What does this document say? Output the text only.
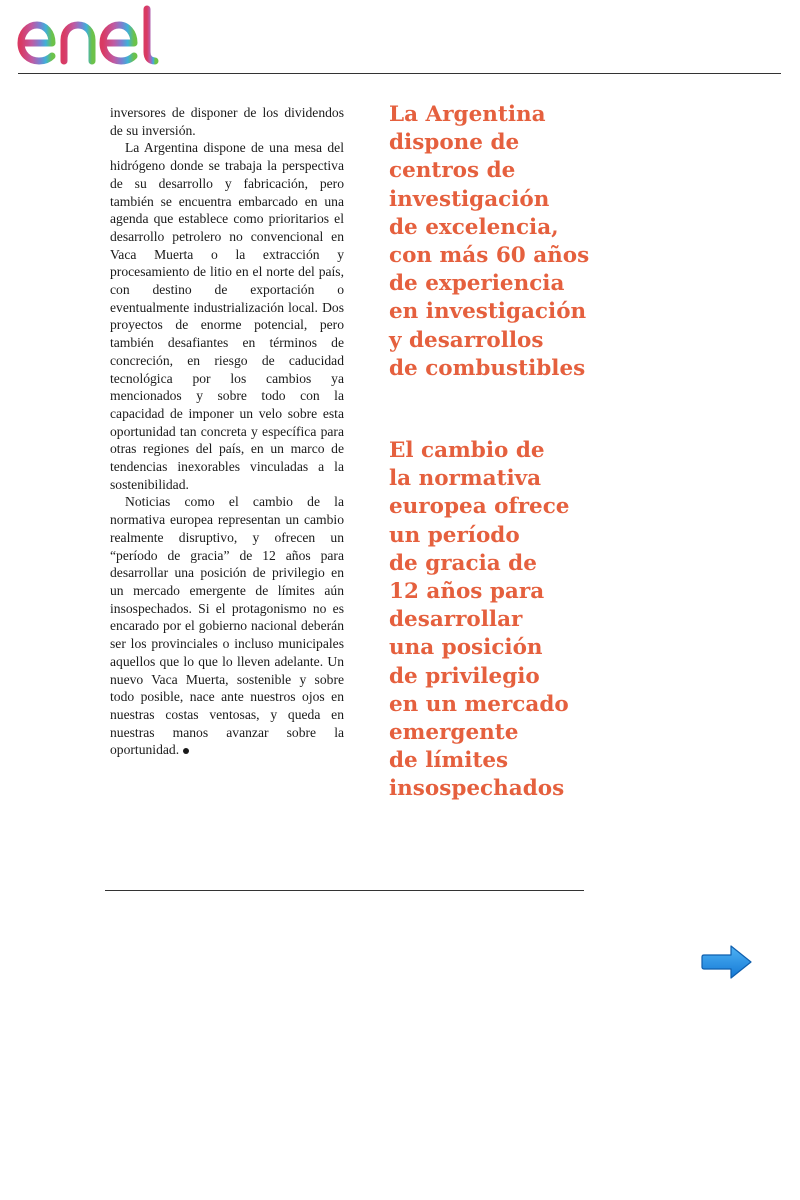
inversores de disponer de los dividendos de su inversión.

La Argentina dispone de una mesa del hidrógeno donde se trabaja la perspectiva de su desarrollo y fabricación, pero también se encuentra embarcado en una agenda que establece como prioritarios el desarrollo petrolero no convencional en Vaca Muerta o la extracción y procesamiento de litio en el norte del país, con destino de exportación o eventualmente industrialización local. Dos proyectos de enorme potencial, pero también desafiantes en términos de concreción, en riesgo de caducidad tecnológica por los cambios ya mencionados y sobre todo con la capacidad de imponer un velo sobre esta oportunidad tan concreta y específica para otras regiones del país, en un marco de tendencias inexorables vinculadas a la sostenibilidad.

Noticias como el cambio de la normativa europea representan un cambio realmente disruptivo, y ofrecen un “período de gracia” de 12 años para desarrollar una posición de privilegio en un mercado emergente de límites aún insospechados. Si el protagonismo no es encarado por el gobierno nacional deberán ser los provinciales o incluso municipales aquellos que lo que lo lleven adelante. Un nuevo Vaca Muerta, sostenible y sobre todo posible, nace ante nuestros ojos en nuestras costas ventosas, y queda en nuestras manos avanzar sobre la oportunidad.

La Argentina
dispone de
centros de
investigación
de excelencia,
con más 60 años
de experiencia
en investigación
y desarrollos
de combustibles
El cambio de
la normativa
europea ofrece
un período
de gracia de
12 años para
desarrollar
una posición
de privilegio
en un mercado
emergente
de límites
insospechados
